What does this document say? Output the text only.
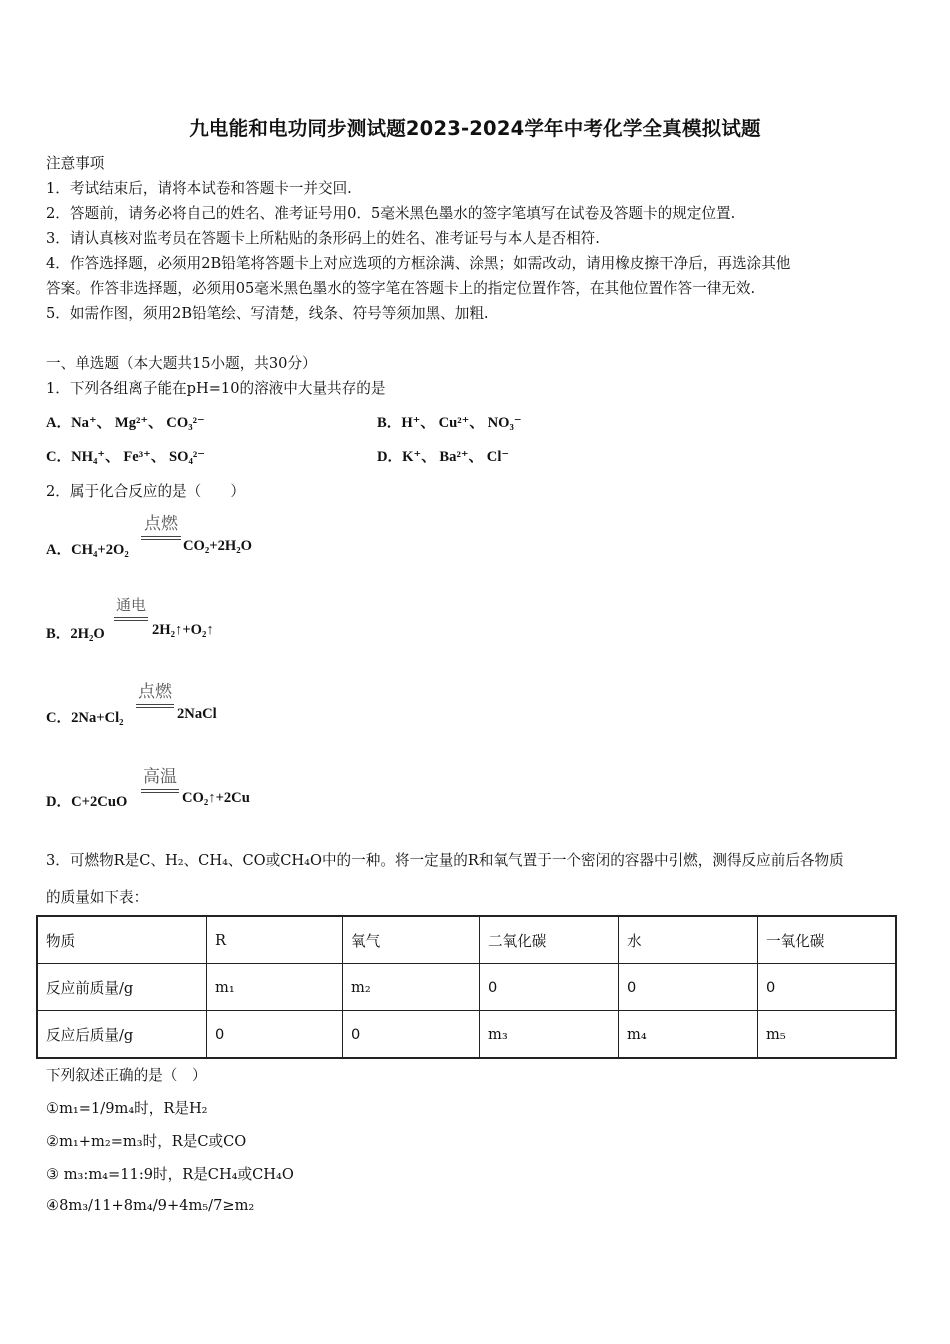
九电能和电功同步测试题2023-2024学年中考化学全真模拟试题
注意事项
1．考试结束后，请将本试卷和答题卡一并交回.
2．答题前，请务必将自己的姓名、准考证号用0．5毫米黑色墨水的签字笔填写在试卷及答题卡的规定位置.
3．请认真核对监考员在答题卡上所粘贴的条形码上的姓名、准考证号与本人是否相符.
4．作答选择题，必须用2B铅笔将答题卡上对应选项的方框涂满、涂黑；如需改动，请用橡皮擦干净后，再选涂其他
答案。作答非选择题，必须用05毫米黑色墨水的签字笔在答题卡上的指定位置作答，在其他位置作答一律无效.
5．如需作图，须用2B铅笔绘、写清楚，线条、符号等须加黑、加粗.
一、单选题（本大题共15小题，共30分）
1．下列各组离子能在pH=10的溶液中大量共存的是
A．Na⁺、 Mg²⁺、 CO₃²⁻	B．H⁺、 Cu²⁺、 NO₃⁻
C．NH₄⁺、 Fe³⁺、 SO₄²⁻	D．K⁺、 Ba²⁺、 Cl⁻
2．属于化合反应的是（　　）
A．CH₄+2O₂
点燃
CO₂+2H₂O
B．2H₂O
通电
2H₂↑+O₂↑
C．2Na+Cl₂
点燃
2NaCl
D．C+2CuO
高温
CO₂↑+2Cu
3．可燃物R是C、H₂、CH₄、CO或CH₄O中的一种。将一定量的R和氧气置于一个密闭的容器中引燃，测得反应前后各物质
的质量如下表：
物质	R	氧气	二氧化碳	水	一氧化碳
反应前质量/g	m₁	m₂	0	0	0
反应后质量/g	0	0	m₃	m₄	m₅
下列叙述正确的是（　）
①m₁=1/9m₄时，R是H₂
②m₁+m₂=m₃时，R是C或CO
③ m₃:m₄=11:9时，R是CH₄或CH₄O
④8m₃/11+8m₄/9+4m₅/7≥m₂
